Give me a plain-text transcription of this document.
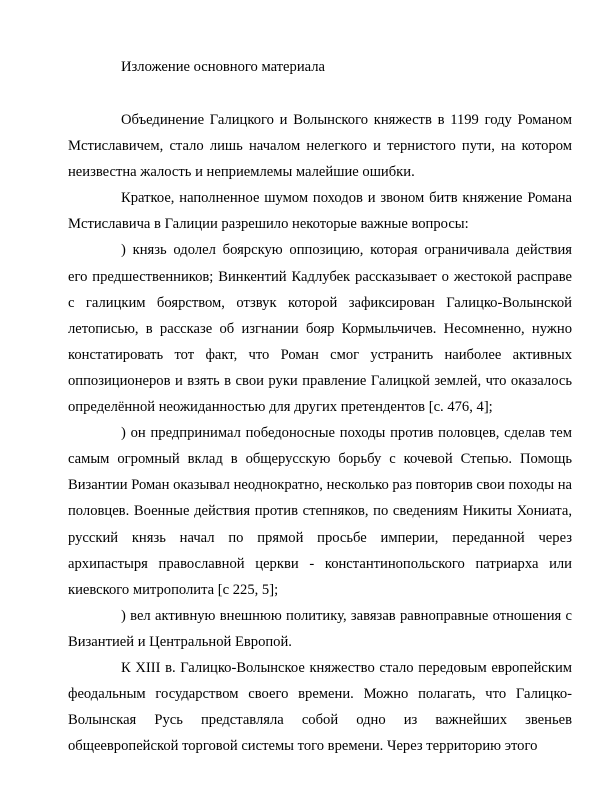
Изложение основного материала

Объединение Галицкого и Волынского княжеств в 1199 году Романом Мстиславичем, стало лишь началом нелегкого и тернистого пути, на котором неизвестна жалость и неприемлемы малейшие ошибки.

Краткое, наполненное шумом походов и звоном битв княжение Романа Мстиславича в Галиции разрешило некоторые важные вопросы:

) князь одолел боярскую оппозицию, которая ограничивала действия его предшественников; Винкентий Кадлубек рассказывает о жестокой расправе с галицким боярством, отзвук которой зафиксирован Галицко-Волынской летописью, в рассказе об изгнании бояр Кормыльчичев. Несомненно, нужно констатировать тот факт, что Роман смог устранить наиболее активных оппозиционеров и взять в свои руки правление Галицкой землей, что оказалось определённой неожиданностью для других претендентов [с. 476, 4];

) он предпринимал победоносные походы против половцев, сделав тем самым огромный вклад в общерусскую борьбу с кочевой Степью. Помощь Византии Роман оказывал неоднократно, несколько раз повторив свои походы на половцев. Военные действия против степняков, по сведениям Никиты Хониата, русский князь начал по прямой просьбе империи, переданной через архипастыря православной церкви - константинопольского патриарха или киевского митрополита [с 225, 5];

) вел активную внешнюю политику, завязав равноправные отношения с Византией и Центральной Европой.

К XIII в. Галицко-Волынское княжество стало передовым европейским феодальным государством своего времени. Можно полагать, что Галицко-Волынская Русь представляла собой одно из важнейших звеньев общеевропейской торговой системы того времени. Через территорию этого
